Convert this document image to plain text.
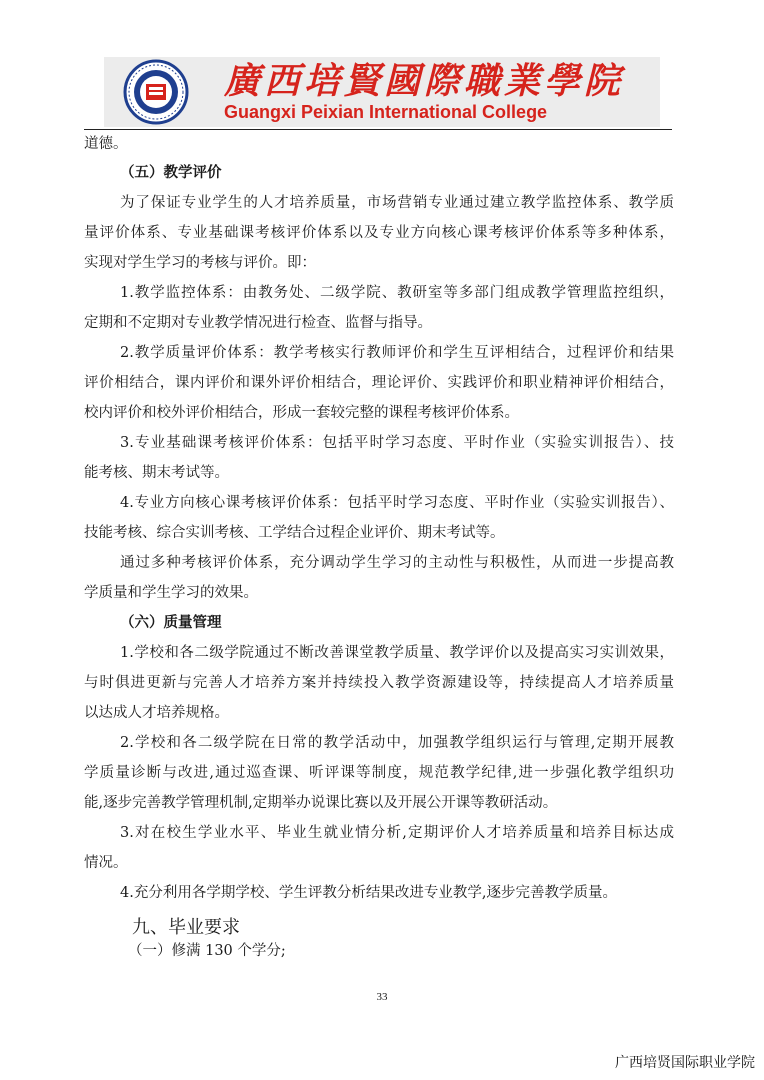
廣西培賢國際職業學院
Guangxi Peixian International College
道德。
（五）教学评价
为了保证专业学生的人才培养质量，市场营销专业通过建立教学监控体系、教学质
量评价体系、专业基础课考核评价体系以及专业方向核心课考核评价体系等多种体系，
实现对学生学习的考核与评价。即：
1.教学监控体系：由教务处、二级学院、教研室等多部门组成教学管理监控组织，
定期和不定期对专业教学情况进行检查、监督与指导。
2.教学质量评价体系：教学考核实行教师评价和学生互评相结合，过程评价和结果
评价相结合，课内评价和课外评价相结合，理论评价、实践评价和职业精神评价相结合，
校内评价和校外评价相结合，形成一套较完整的课程考核评价体系。
3.专业基础课考核评价体系：包括平时学习态度、平时作业（实验实训报告）、技
能考核、期末考试等。
4.专业方向核心课考核评价体系：包括平时学习态度、平时作业（实验实训报告）、
技能考核、综合实训考核、工学结合过程企业评价、期末考试等。
通过多种考核评价体系，充分调动学生学习的主动性与积极性，从而进一步提高教
学质量和学生学习的效果。
（六）质量管理
1.学校和各二级学院通过不断改善课堂教学质量、教学评价以及提高实习实训效果，
与时俱进更新与完善人才培养方案并持续投入教学资源建设等，持续提高人才培养质量
以达成人才培养规格。
2.学校和各二级学院在日常的教学活动中，加强教学组织运行与管理,定期开展教
学质量诊断与改进,通过巡查课、听评课等制度，规范教学纪律,进一步强化教学组织功
能,逐步完善教学管理机制,定期举办说课比赛以及开展公开课等教研活动。
3.对在校生学业水平、毕业生就业情分析,定期评价人才培养质量和培养目标达成
情况。
4.充分利用各学期学校、学生评教分析结果改进专业教学,逐步完善教学质量。
九、毕业要求
（一）修满 130 个学分;
33
广西培贤国际职业学院
